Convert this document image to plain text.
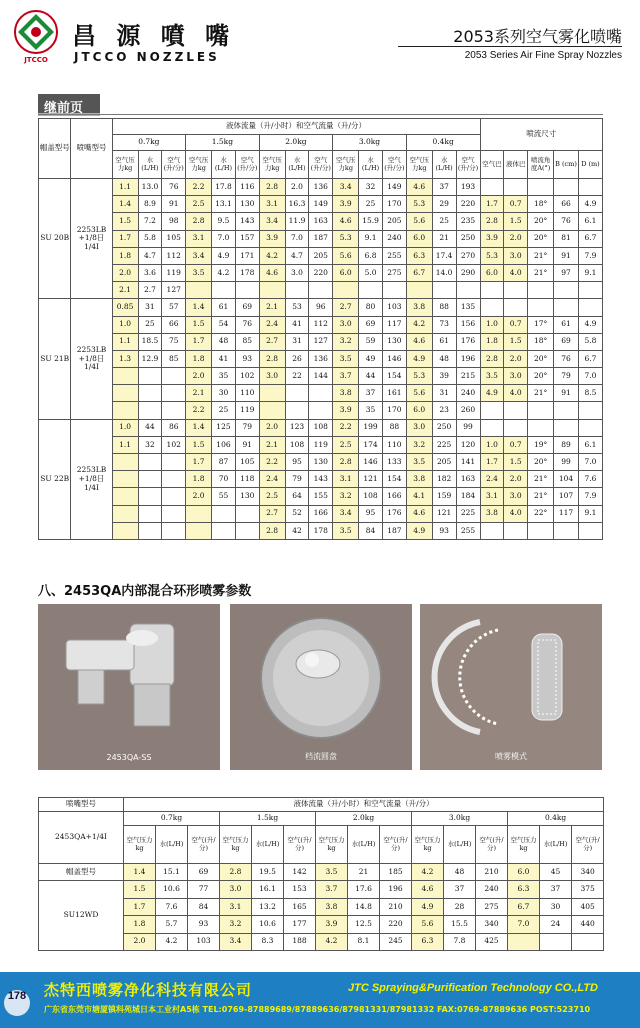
JTCCO
昌 源 噴 嘴
JTCCO NOZZLES
2053系列空气雾化喷嘴
2053 Series Air Fine Spray Nozzles
继前页
帽盖型号	喷嘴型号	液体流量（升/小时）和空气流量（升/分）															喷流尺寸				
		0.7kg			1.5kg			2.0kg			3.0kg			0.4kg							
		空气压力kg	水(L/H)	空气(升/分)	空气压力kg	水(L/H)	空气(升/分)	空气压力kg	水(L/H)	空气(升/分)	空气压力kg	水(L/H)	空气(升/分)	空气压力kg	水(L/H)	空气(升/分)	空气巴	液体巴	喷流角度A(°)	B (cm)	D (m)
SU 20B	2253LB +1/8日1/4I	1.1	13.0	76	2.2	17.8	116	2.8	2.0	136	3.4	32	149	4.6	37	193					
		1.4	8.9	91	2.5	13.1	130	3.1	16.3	149	3.9	25	170	5.3	29	220	1.7	0.7	18°	66	4.9
		1.5	7.2	98	2.8	9.5	143	3.4	11.9	163	4.6	15.9	205	5.6	25	235	2.8	1.5	20°	76	6.1
		1.7	5.8	105	3.1	7.0	157	3.9	7.0	187	5.3	9.1	240	6.0	21	250	3.9	2.0	20°	81	6.7
		1.8	4.7	112	3.4	4.9	171	4.2	4.7	205	5.6	6.8	255	6.3	17.4	270	5.3	3.0	21°	91	7.9
		2.0	3.6	119	3.5	4.2	178	4.6	3.0	220	6.0	5.0	275	6.7	14.0	290	6.0	4.0	21°	97	9.1
		2.1	2.7	127																	
SU 21B	2253LB +1/8日1/4I	0.85	31	57	1.4	61	69	2.1	53	96	2.7	80	103	3.8	88	135					
		1.0	25	66	1.5	54	76	2.4	41	112	3.0	69	117	4.2	73	156	1.0	0.7	17°	61	4.9
		1.1	18.5	75	1.7	48	85	2.7	31	127	3.2	59	130	4.6	61	176	1.8	1.5	18°	69	5.8
		1.3	12.9	85	1.8	41	93	2.8	26	136	3.5	49	146	4.9	48	196	2.8	2.0	20°	76	6.7
					2.0	35	102	3.0	22	144	3.7	44	154	5.3	39	215	3.5	3.0	20°	79	7.0
					2.1	30	110				3.8	37	161	5.6	31	240	4.9	4.0	21°	91	8.5
					2.2	25	119				3.9	35	170	6.0	23	260					
SU 22B	2253LB +1/8日1/4I	1.0	44	86	1.4	125	79	2.0	123	108	2.2	199	88	3.0	250	99					
		1.1	32	102	1.5	106	91	2.1	108	119	2.5	174	110	3.2	225	120	1.0	0.7	19°	89	6.1
					1.7	87	105	2.2	95	130	2.8	146	133	3.5	205	141	1.7	1.5	20°	99	7.0
					1.8	70	118	2.4	79	143	3.1	121	154	3.8	182	163	2.4	2.0	21°	104	7.6
					2.0	55	130	2.5	64	155	3.2	108	166	4.1	159	184	3.1	3.0	21°	107	7.9
								2.7	52	166	3.4	95	176	4.6	121	225	3.8	4.0	22°	117	9.1
								2.8	42	178	3.5	84	187	4.9	93	255					
八、2453QA内部混合环形喷雾参数
2453QA-SS	档流圆盘	喷雾模式
喷嘴型号	液体流量（升/小时）和空气流量（升/分）														
2453QA+1/4I	0.7kg			1.5kg			2.0kg			3.0kg			0.4kg		
	空气压力kg	水(L/H)	空气(升/分)	空气压力kg	水(L/H)	空气(升/分)	空气压力kg	水(L/H)	空气(升/分)	空气压力kg	水(L/H)	空气(升/分)	空气压力kg	水(L/H)	空气(升/分)
帽盖型号	1.4	15.1	69	2.8	19.5	142	3.5	21	185	4.2	48	210	6.0	45	340
SU12WD	1.5	10.6	77	3.0	16.1	153	3.7	17.6	196	4.6	37	240	6.3	37	375
	1.7	7.6	84	3.1	13.2	165	3.8	14.8	210	4.9	28	275	6.7	30	405
	1.8	5.7	93	3.2	10.6	177	3.9	12.5	220	5.6	15.5	340	7.0	24	440
	2.0	4.2	103	3.4	8.3	188	4.2	8.1	245	6.3	7.8	425			
178 杰特西喷雾净化科技有限公司	JTC Spraying&Purification Technology CO.,LTD
广东省东莞市塘厦镇科苑城日本工业村A5栋 TEL:0769-87889689/87889636/87981331/87981332 FAX:0769-87889636 POST:523710
